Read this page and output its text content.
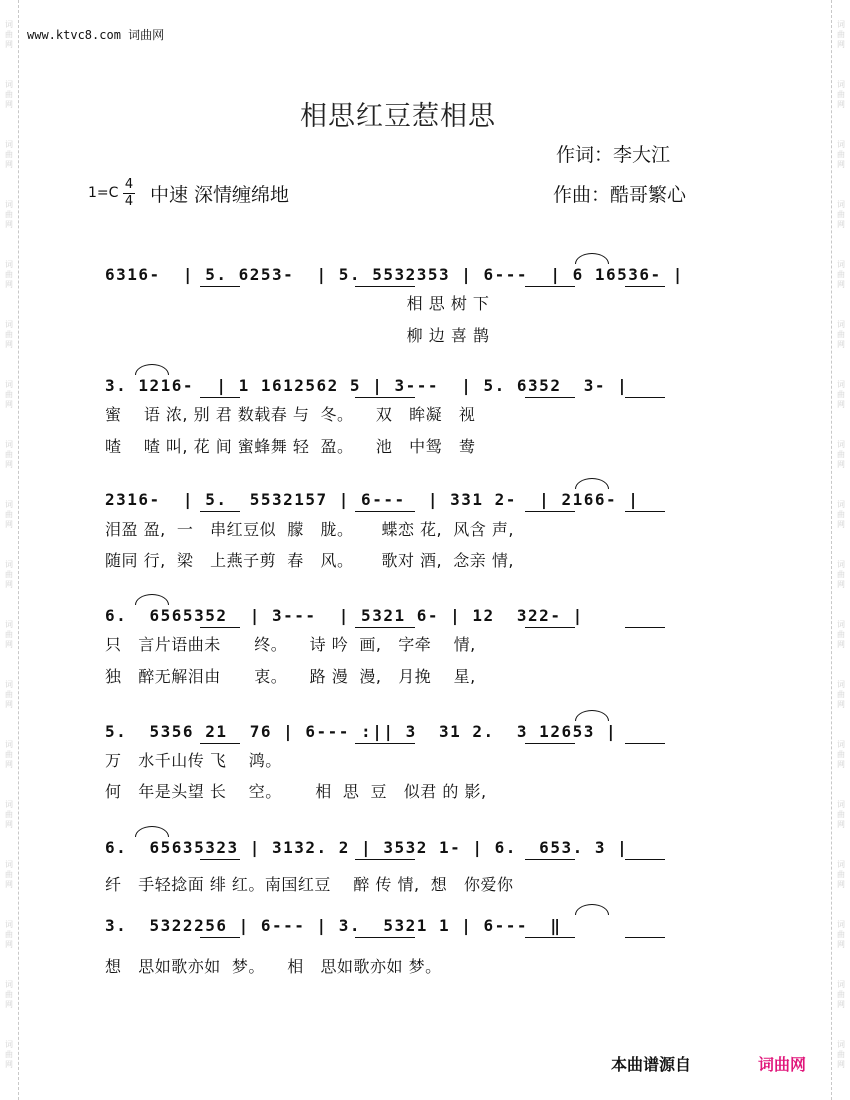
词
曲
网
词
曲
网
词
曲
网
词
曲
网
词
曲
网
词
曲
网
词
曲
网
词
曲
网
词
曲
网
词
曲
网
词
曲
网
词
曲
网
词
曲
网
词
曲
网
词
曲
网
词
曲
网
词
曲
网
词
曲
网
词
曲
网
词
曲
网
词
曲
网
词
曲
网
词
曲
网
词
曲
网
词
曲
网
词
曲
网
词
曲
网
词
曲
网
词
曲
网
词
曲
网
词
曲
网
词
曲
网
词
曲
网
词
曲
网
词
曲
网
词
曲
网
www.ktvc8.com 词曲网
相思红豆惹相思
作词：李大江
作曲：酷哥繁心
1=C
4
4 中速 深情缠绵地
6316-  | 5. 6253-  | 5. 5532353 | 6---  | 6 16536- |
相 思 树 下
柳 边 喜 鹊
3. 1216-  | 1 1612562 5 | 3---  | 5. 6352  3- |
蜜    语 浓, 别 君 数载春 与  冬。    双   眸凝   视
喳    喳 叫, 花 间 蜜蜂舞 轻  盈。    池   中鸳   鸯
2316-  | 5.  5532157 | 6---  | 331 2-  | 2166- |
泪盈 盈,  一   串红豆似  朦   胧。     蝶恋 花,  风含 声,
随同 行,  梁   上燕子剪  春   风。     歌对 酒,  念亲 情,
6.  6565352  | 3---  | 5321 6- | 12  322- |
只   言片语曲未      终。    诗 吟  画,   字牵    情,
独   醉无解泪由      衷。    路 漫  漫,   月挽    星,
5.  5356 21  76 | 6--- :|| 3  31 2.  3 12653 |
万   水千山传 飞    鸿。
何   年是头望 长    空。      相  思  豆   似君 的 影,
6.  65635323 | 3132. 2 | 3532 1- | 6.  653. 3 |
纤   手轻捻面 绯 红。南国红豆    醉 传 情,  想   你爱你
3.  5322256 | 6--- | 3.  5321 1 | 6---  ‖
想   思如歌亦如  梦。    相   思如歌亦如 梦。
本曲谱源自	词曲网
